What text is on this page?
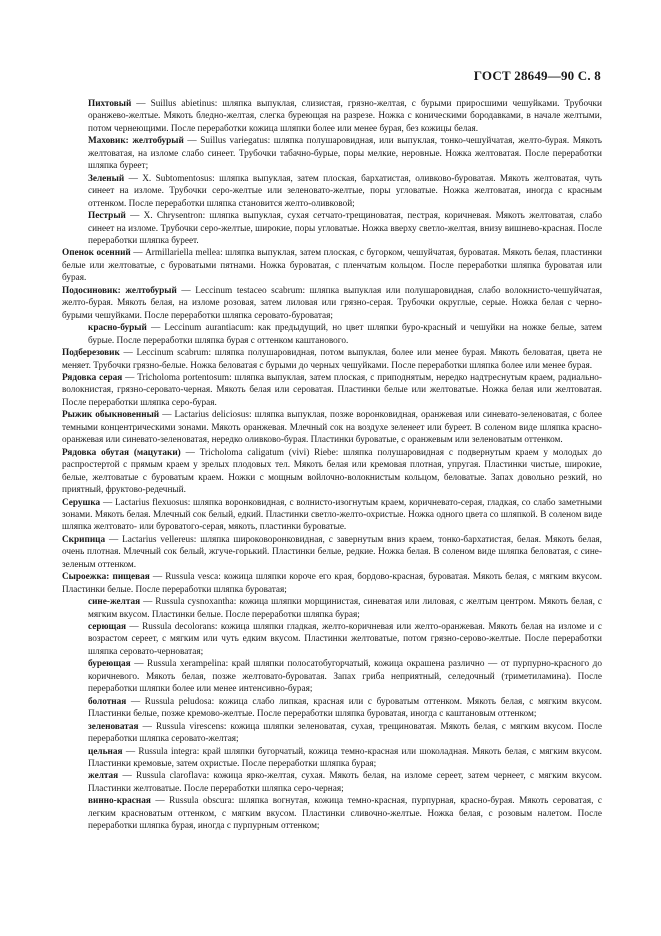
ГОСТ 28649—90 С. 8

Пихтовый — Suillus abietinus: шляпка выпуклая, слизистая, грязно-желтая, с бурыми приросшими чешуйками. Трубочки оранжево-желтые. Мякоть бледно-желтая, слегка буреющая на разрезе. Ножка с коническими бородавками, в начале желтыми, потом чернеющими. После переработки кожица шляпки более или менее бурая, без кожицы белая.

Маховик: желтобурый — Suillus variegatus: шляпка полушаровидная, или выпуклая, тонко-чешуйчатая, желто-бурая. Мякоть желтоватая, на изломе слабо синеет. Трубочки табачно-бурые, поры мелкие, неровные. Ножка желтоватая. После переработки шляпка буреет;

Зеленый — X. Subtomentosus: шляпка выпуклая, затем плоская, бархатистая, оливково-буроватая. Мякоть желтоватая, чуть синеет на изломе. Трубочки серо-желтые или зеленовато-желтые, поры угловатые. Ножка желтоватая, иногда с красным оттенком. После переработки шляпка становится желто-оливковой;

Пестрый — X. Chrysentron: шляпка выпуклая, сухая сетчато-трещиноватая, пестрая, коричневая. Мякоть желтоватая, слабо синеет на изломе. Трубочки серо-желтые, широкие, поры угловатые. Ножка вверху светло-желтая, внизу вишнево-красная. После переработки шляпка буреет.

Опенок осенний — Armillariella mellea: шляпка выпуклая, затем плоская, с бугорком, чешуйчатая, буроватая. Мякоть белая, пластинки белые или желтоватые, с буроватыми пятнами. Ножка буроватая, с пленчатым кольцом. После переработки шляпка буроватая или бурая.

Подосиновик: желтобурый — Leccinum testaceo scabrum: шляпка выпуклая или полушаровидная, слабо волокнисто-чешуйчатая, желто-бурая. Мякоть белая, на изломе розовая, затем лиловая или грязно-серая. Трубочки округлые, серые. Ножка белая с черно-бурыми чешуйками. После переработки шляпка серовато-буроватая;

красно-бурый — Leccinum aurantiacum: как предыдущий, но цвет шляпки буро-красный и чешуйки на ножке белые, затем бурые. После переработки шляпка бурая с оттенком каштанового.

Подберезовик — Leccinum scabrum: шляпка полушаровидная, потом выпуклая, более или менее бурая. Мякоть беловатая, цвета не меняет. Трубочки грязно-белые. Ножка беловатая с бурыми до черных чешуйками. После переработки шляпка более или менее бурая.

Рядовка серая — Tricholoma portentosum: шляпка выпуклая, затем плоская, с приподнятым, нередко надтреснутым краем, радиально-волокнистая, грязно-серовато-черная. Мякоть белая или сероватая. Пластинки белые или желтоватые. Ножка белая или желтоватая. После переработки шляпка серо-бурая.

Рыжик обыкновенный — Lactarius deliciosus: шляпка выпуклая, позже воронковидная, оранжевая или синевато-зеленоватая, с более темными концентрическими зонами. Мякоть оранжевая. Млечный сок на воздухе зеленеет или буреет. В соленом виде шляпка красно-оранжевая или синевато-зеленоватая, нередко оливково-бурая. Пластинки буроватые, с оранжевым или зеленоватым оттенком.

Рядовка обутая (мацутаки) — Tricholoma caligatum (vivi) Riebe: шляпка полушаровидная с подвернутым краем у молодых до распростертой с прямым краем у зрелых плодовых тел. Мякоть белая или кремовая плотная, упругая. Пластинки чистые, широкие, белые, желтоватые с буроватым краем. Ножки с мощным войлочно-волокнистым кольцом, беловатые. Запах довольно резкий, но приятный, фруктово-редечный.

Серушка — Lactarius flexuosus: шляпка воронковидная, с волнисто-изогнутым краем, коричневато-серая, гладкая, со слабо заметными зонами. Мякоть белая. Млечный сок белый, едкий. Пластинки светло-желто-охристые. Ножка одного цвета со шляпкой. В соленом виде шляпка желтовато- или буроватого-серая, мякоть, пластинки буроватые.

Скрипица — Lactarius vellereus: шляпка широковоронковидная, с завернутым вниз краем, тонко-бархатистая, белая. Мякоть белая, очень плотная. Млечный сок белый, жгуче-горький. Пластинки белые, редкие. Ножка белая. В соленом виде шляпка беловатая, с сине-зеленым оттенком.

Сыроежка: пищевая — Russula vesca: кожица шляпки короче его края, бордово-красная, буроватая. Мякоть белая, с мягким вкусом. Пластинки белые. После переработки шляпка буроватая;

сине-желтая — Russula cysnoxantha: кожица шляпки морщинистая, синеватая или лиловая, с желтым центром. Мякоть белая, с мягким вкусом. Пластинки белые. После переработки шляпка бурая;

серющая — Russula decolorans: кожица шляпки гладкая, желто-коричневая или желто-оранжевая. Мякоть белая на изломе и с возрастом сереет, с мягким или чуть едким вкусом. Пластинки желтоватые, потом грязно-серово-желтые. После переработки шляпка серовато-черноватая;

буреющая — Russula xerampelina: край шляпки полосатобугорчатый, кожица окрашена различно — от пурпурно-красного до коричневого. Мякоть белая, позже желтовато-буроватая. Запах гриба неприятный, селедочный (триметиламина). После переработки шляпки более или менее интенсивно-бурая;

болотная — Russula peludosa: кожица слабо липкая, красная или с буроватым оттенком. Мякоть белая, с мягким вкусом. Пластинки белые, позже кремово-желтые. После переработки шляпка буроватая, иногда с каштановым оттенком;

зеленоватая — Russula virescens: кожица шляпки зеленоватая, сухая, трещиноватая. Мякоть белая, с мягким вкусом. После переработки шляпка серовато-желтая;

цельная — Russula integra: край шляпки бугорчатый, кожица темно-красная или шоколадная. Мякоть белая, с мягким вкусом. Пластинки кремовые, затем охристые. После переработки шляпка бурая;

желтая — Russula claroflava: кожица ярко-желтая, сухая. Мякоть белая, на изломе сереет, затем чернеет, с мягким вкусом. Пластинки желтоватые. После переработки шляпка серо-черная;

винно-красная — Russula obscura: шляпка вогнутая, кожица темно-красная, пурпурная, красно-бурая. Мякоть сероватая, с легким красноватым оттенком, с мягким вкусом. Пластинки сливочно-желтые. Ножка белая, с розовым налетом. После переработки шляпка бурая, иногда с пурпурным оттенком;
